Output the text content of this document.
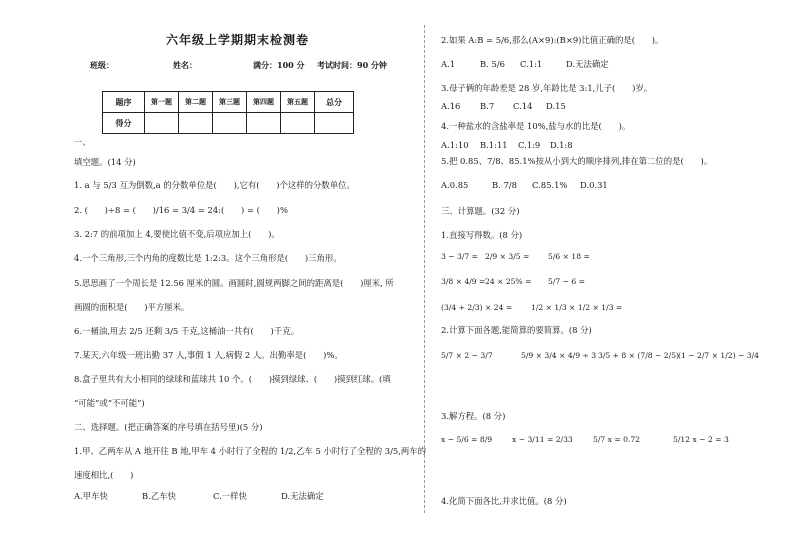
六年级上学期期末检测卷
班级：	姓名：	满分：100 分 考试时间：90 分钟
题序	第一题	第二题	第三题	第四题	第五题	总分
得分						
一、
填空题。(14 分)
1. a 与 5/3 互为倒数,a 的分数单位是(　　),它有(　　)个这样的分数单位。
2. (　　)÷8 = (　　)/16 = 3/4 = 24:(　　) = (　　)%
3. 2:7 的前项加上 4,要使比值不变,后项应加上(　　)。
4.一个三角形,三个内角的度数比是 1:2:3。这个三角形是(　　)三角形。
5.思思画了一个周长是 12.56 厘米的圆。画圆时,圆规两脚之间的距离是(　　)厘米, 所
画圆的面积是(　　)平方厘米。
6.一桶油,用去 2/5 还剩 3/5 千克,这桶油一共有(　　)千克。
7.某天,六年级一班出勤 37 人,事假 1 人,病假 2 人。出勤率是(　　)%。
8.盒子里共有大小相同的绿球和蓝球共 10 个。(　　)摸到绿球、(　　)摸到红球。(填
“可能”或“不可能”)
二、选择题。(把正确答案的序号填在括号里)(5 分)
1.甲、乙两车从 A 地开往 B 地,甲车 4 小时行了全程的 1/2,乙车 5 小时行了全程的 3/5,两车的
速度相比,(　　)
A.甲车快	B.乙车快	C.一样快	D.无法确定
2.如果 A:B = 5/6,那么(A×9):(B×9)比值正确的是(　　)。
A.1	B. 5/6 C.1:1	D.无法确定
3.母子俩的年龄差是 28 岁,年龄比是 3:1,儿子(　　)岁。
A.16 B.7 C.14 D.15
4.一种盐水的含盐率是 10%,盐与水的比是(　　)。
A.1:10 B.1:11 C.1:9 D.1:8
5.把 0.85、7/8、85.1%按从小到大的顺序排列,排在第二位的是(　　)。
A.0.85	B. 7/8 C.85.1% D.0.31
三、计算题。(32 分)
1.直接写得数。(8 分)
3 − 3/7 = 2/9 × 3/5 = 5/6 × 18 =
3/8 × 4/9 = 24 × 25% = 5/7 − 6 =
(3/4 + 2/3) × 24 = 1/2 × 1/3 × 1/2 × 1/3 =
2.计算下面各题,能简算的要简算。(8 分)
5/7 × 2 − 3/7	5/9 × 3/4 × 4/9 ÷ 3 3/5 + 8 × (7/8 − 2/5) (1 − 2/7 × 1/2) − 3/4
3.解方程。(8 分)
x − 5/6 = 8/9	x − 3/11 = 2/33	5/7 x = 0.72	5/12 x − 2 = 3
4.化简下面各比,并求比值。(8 分)
